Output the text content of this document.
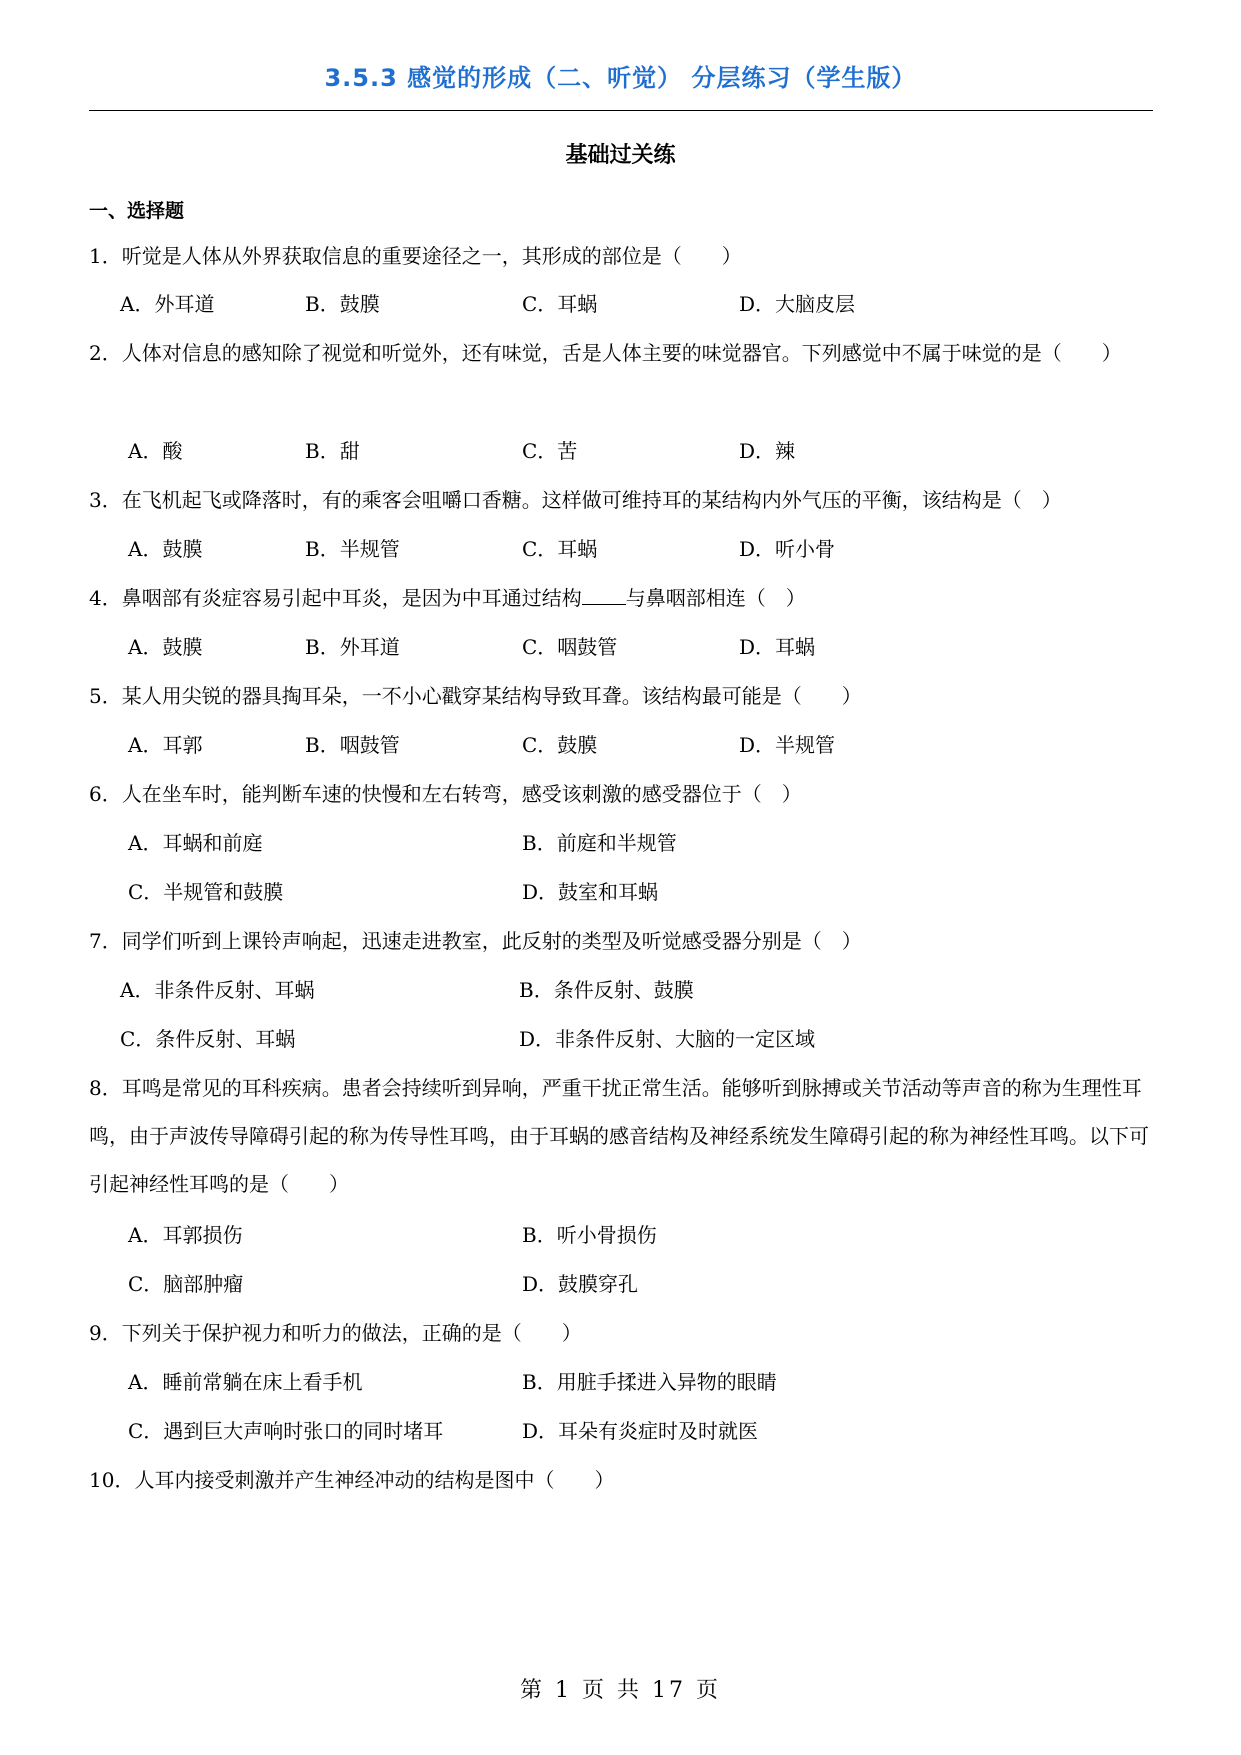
3.5.3 感觉的形成（二、听觉） 分层练习（学生版）
基础过关练
一、选择题
1．听觉是人体从外界获取信息的重要途径之一，其形成的部位是（　　）
A．外耳道	B．鼓膜	C．耳蜗	D．大脑皮层
2．人体对信息的感知除了视觉和听觉外，还有味觉，舌是人体主要的味觉器官。下列感觉中不属于味觉的是（　　）
A．酸	B．甜	C．苦	D．辣
3．在飞机起飞或降落时，有的乘客会咀嚼口香糖。这样做可维持耳的某结构内外气压的平衡，该结构是（　）
A．鼓膜	B．半规管	C．耳蜗	D．听小骨
4．鼻咽部有炎症容易引起中耳炎，是因为中耳通过结构 与鼻咽部相连（　）
A．鼓膜	B．外耳道	C．咽鼓管	D．耳蜗
5．某人用尖锐的器具掏耳朵，一不小心戳穿某结构导致耳聋。该结构最可能是（　　）
A．耳郭	B．咽鼓管	C．鼓膜	D．半规管
6．人在坐车时，能判断车速的快慢和左右转弯，感受该刺激的感受器位于（　）
A．耳蜗和前庭	B．前庭和半规管
C．半规管和鼓膜	D．鼓室和耳蜗
7．同学们听到上课铃声响起，迅速走进教室，此反射的类型及听觉感受器分别是（　）
A．非条件反射、耳蜗	B．条件反射、鼓膜
C．条件反射、耳蜗	D．非条件反射、大脑的一定区域
8．耳鸣是常见的耳科疾病。患者会持续听到异响，严重干扰正常生活。能够听到脉搏或关节活动等声音的称为生理性耳鸣，由于声波传导障碍引起的称为传导性耳鸣，由于耳蜗的感音结构及神经系统发生障碍引起的称为神经性耳鸣。以下可引起神经性耳鸣的是（　　）
A．耳郭损伤	B．听小骨损伤
C．脑部肿瘤	D．鼓膜穿孔
9．下列关于保护视力和听力的做法，正确的是（　　）
A．睡前常躺在床上看手机	B．用脏手揉进入异物的眼睛
C．遇到巨大声响时张口的同时堵耳	D．耳朵有炎症时及时就医
10．人耳内接受刺激并产生神经冲动的结构是图中（　　）
第 1 页 共 17 页
